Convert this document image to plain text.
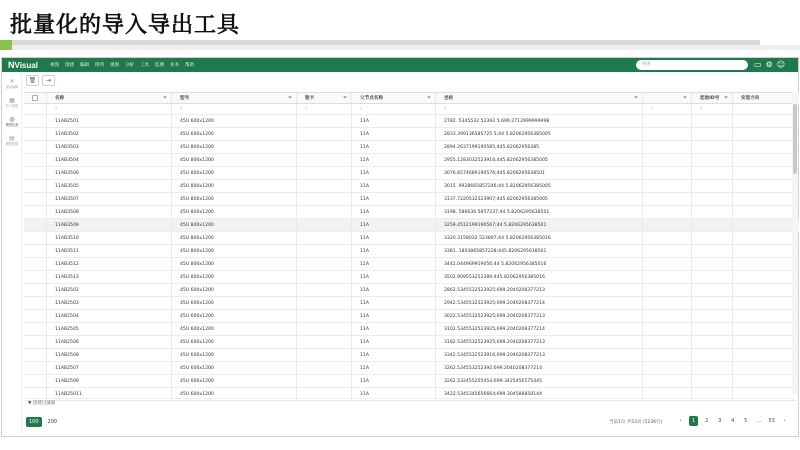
批量化的导入导出工具
NVisual	视图 创建 编辑 排列 视图 分析 工具 监测 业务 帮助	搜索	▭ ⚙ ☺
✕
退出编辑
▦
导入数据
◎
模型检查
▤
模型数据
🗑	⇥
名称	⏷	型号	⏷	版卡	⏷	父节点名称	⏷	坐标	⏷	⏷	起始ID号 ⏷	安装方向
⌕	⌕	⌕	⌕	⌕	⌕	⌕
11AB2501	45U 600x1200	11A	2782. 5345532 52392 5;699.2712999999998
11AB3502	45U 600x1200	11A	2833.399136585725 5;44 5.82062956385005
11AB3503	45U 800x1200	11A	2894.2637199190585;445.82062956385
11AB3504	45U 800x1200	11A	2955.1283032523916;445.82062956385005
11AB3506	45U 800x1200	11A	3076.8574689190576;445.8206295638501
11AB3505	45U 800x1200	11A	3015. 9928665857246;44 5.82062956385005
11AB3507	45U 800x1200	11A	3137.7220532523907;445.82062956385005
11AB3508	45U 800x1200	11A	3198. 586636 5857237;44 5.8206295638501
11AB3509	45U 800x1200	11A	3259.4512199190567;44 5.8206295638501
11AB3510	45U 800x1200	11A	3320.3158032 523897;44 5.82062956385016
11AB3511	45U 800x1200	11A	3381. 1803865857228;445.8206295638501
11AB3512	45U 800x1200	11A	3442.044969919056;44 5.82062956385016
11AB3513	45U 800x1200	11A	3502.909553252389;445.82062956385016
11AB2502	45U 600x1200	11A	2862.5345532523925;699.2040208377213
11AB2503	45U 600x1200	11A	2942.5345532523925;699.2040208377214
11AB2504	45U 600x1200	11A	3022.5345532523925;699.2040208377213
11AB2505	45U 600x1200	11A	3102.5345532523925;699.2040208377214
11AB2506	45U 600x1200	11A	3182.5345532523925;699.2040208377213
11AB2508	45U 600x1200	11A	3342.5345532523916;699.2040208377213
11AB2507	45U 600x1200	11A	3262.534553252392;699.2040208377214
11AB2509	45U 600x1200	11A	3262.532455255454;699.3425456575445
11AB25011	45U 600x1200	11A	3422.5345345656664;699.304588858144
▼ 创建过滤器
100	200	当前1页 共53页 (5236行)	‹	1	2	3	4	5	...	53	›
